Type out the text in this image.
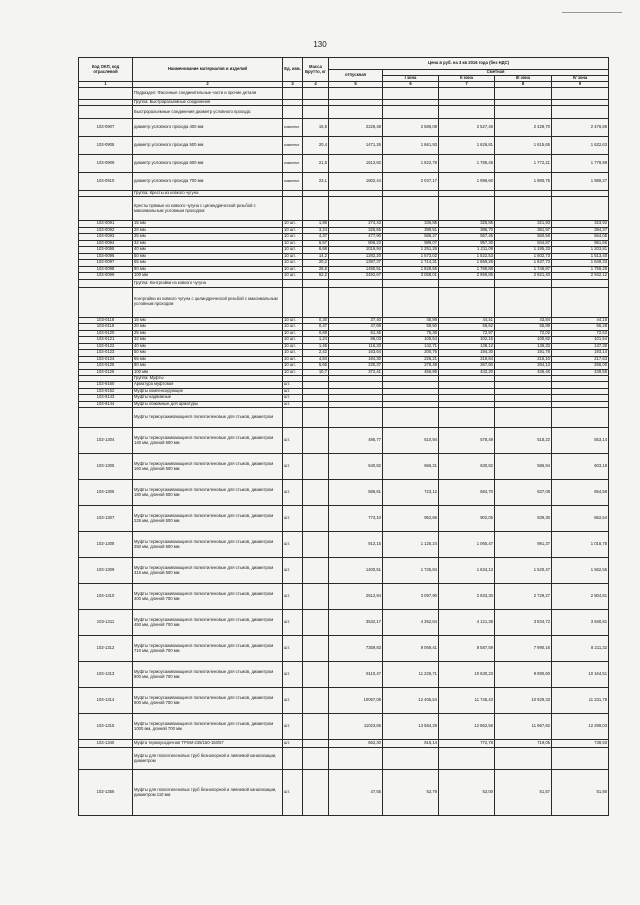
130
Код ОКП, код отраслевой	Наименование материалов и изделий	Ед. изм.	Масса Брутто, кг	Цена в руб. на 3 кв 2016 года (без НДС)				
				отпускная	Сметная			
					I зона	II зона	III зона	IV зона
1	2	3	4	5	6	7	8	9
	Подраздел: Фасонные соединительные части и прочие детали							
	Группа: Быстроразъемные соединения							
	Быстроразъемные соединения диаметр условного прохода:							
103-0907	диаметр условного прохода 400 мм	комплект	15,8	2226,48	2 585,08	2 527,46	2 428,70	2 476,86
103-0908	диаметр условного прохода 500 мм	комплект	20,4	1471,26	1 661,93	1 626,81	1 615,65	1 622,63
103-0909	диаметр условного прохода 600 мм	комплект	21,5	1613,83	1 822,78	1 786,45	1 772,21	1 779,99
103-0910	диаметр условного прохода 700 мм	комплект	23,1	1802,44	2 037,17	1 996,60	1 980,75	1 989,27
	Группа: Кресты из ковкого чугуна							
	Кресты прямые из ковкого чугуна с цилиндрической резьбой с максимальным условным проходом:							
103-0091	15 мм	10 шт.	1,86	274,43	336,85	325,85	321,93	323,92
103-0092	20 мм	10 шт.	3,24	325,65	399,51	386,70	381,97	384,37
103-0093	25 мм	10 шт.	4,37	477,90	586,27	567,46	560,56	564,05
103-0094	32 мм	10 шт.	6,57	806,23	989,07	957,30	944,87	951,56
103-0095	40 мм	10 шт.	8,68	1019,94	1 251,26	1 211,09	1 195,33	1 203,81
103-0096	50 мм	10 шт.	14,2	1282,20	1 573,02	1 522,53	1 502,73	1 513,40
103-0097	65 мм	10 шт.	20,2	1397,37	1 714,31	1 659,28	1 637,73	1 649,33
103-0098	80 мм	10 шт.	26,8	1490,51	1 828,55	1 769,88	1 746,87	1 759,28
103-0099	100 мм	10 шт.	52,2	2492,67	3 058,01	2 959,85	2 921,40	2 942,12
	Группа: Контргайки из ковкого чугуна							
	Контргайки из ковкого чугуна с цилиндрической резьбой с максимальным условным проходом							
103-0118	15 мм	10 шт.	0,30	37,40	45,89	44,41	43,84	44,15
103-0119	20 мм	10 шт.	0,47	47,69	58,50	56,62	55,89	56,28
103-0120	25 мм	10 шт.	0,69	61,45	75,36	72,97	72,02	72,53
103-0121	32 мм	10 шт.	1,24	86,03	105,54	102,15	100,82	101,54
103-0122	40 мм	10 шт.	1,45	116,33	142,71	138,12	136,33	137,30
103-0123	50 мм	10 шт.	2,42	163,64	200,76	194,30	191,78	193,14
103-0124	65 мм	10 шт.	4,84	184,30	226,21	218,84	216,10	217,63
103-0125	80 мм	10 шт.	5,65	225,37	276,49	267,60	264,13	266,00
103-0126	100 мм	10 шт.	10,7	372,41	456,89	442,20	436,46	439,55
	Группа: Муфты							
103-9160	Арматура муфтовая	шт.						
103-9152	Муфты компенсирующие	шт.						
103-9143	Муфты надвижные	шт.						
103-9144	Муфты обжимные для арматуры	шт.						
	Муфты термоусаживающиеся полиэтиленовые для стыков, диаметром							
103-1304	Муфты термоусаживающиеся полиэтиленовые для стыков, диаметром 140 мм, длиной 500 мм	шт.		495,77	610,94	578,49	518,22	553,14
103-1305	Муфты термоусаживающиеся полиэтиленовые для стыков, диаметром 160 мм, длиной 500 мм	шт.		540,82	666,21	630,82	586,94	603,18
103-1306	Муфты термоусаживающиеся полиэтиленовые для стыков, диаметром 180 мм, длиной 500 мм	шт.		586,81	723,12	684,70	637,08	654,59
103-1307	Муфты термоусаживающиеся полиэтиленовые для стыков, диаметром 225 мм, длиной 500 мм	шт.		773,10	952,66	902,05	839,30	862,54
103-1308	Муфты термоусаживающиеся полиэтиленовые для стыков, диаметром 250 мм, длиной 500 мм	шт.		913,15	1 125,24	1 065,47	991,37	1 018,78
103-1309	Муфты термоусаживающиеся полиэтиленовые для стыков, диаметром 315 мм, длиной 500 мм	шт.		1400,51	1 725,84	1 634,13	1 520,47	1 562,55
103-1310	Муфты термоусаживающиеся полиэтиленовые для стыков, диаметром 400 мм, длиной 700 мм	шт.		2512,94	3 097,90	2 933,30	2 729,27	2 804,81
103-1311	Муфты термоусаживающиеся полиэтиленовые для стыков, диаметром 450 мм, длиной 700 мм	шт.		3532,17	4 352,64	4 121,38	3 834,72	3 940,81
103-1312	Муфты термоусаживающиеся полиэтиленовые для стыков, диаметром 710 мм, длиной 700 мм	шт.		7359,83	9 069,41	8 587,59	7 990,16	8 211,32
103-1313	Муфты термоусаживающиеся полиэтиленовые для стыков, диаметром 800 мм, длиной 700 мм	шт.		9110,47	11 226,71	10 630,23	9 890,60	10 164,51
103-1314	Муфты термоусаживающиеся полиэтиленовые для стыков, диаметром 900 мм, длиной 700 мм	шт.		10067,08	12 405,54	11 746,43	10 929,33	11 231,79
103-1315	Муфты термоусаживающиеся полиэтиленовые для стыков, диаметром 1000 мм, длиной 700 мм	шт.		11023,65	13 584,29	12 862,56	11 967,82	12 299,03
103-1340	Муфта термоусадочная TPSM-235/150-150/57	шт.		662,30	815,14	772,78	719,05	738,93
	Муфты для полиэтиленовых труб безнапорной и ливневой канализации, диаметром							
103-1356	Муфты для полиэтиленовых труб безнапорной и ливневой канализации, диаметром 110 мм	шт.		47,55	52,79	52,00	51,57	51,80
